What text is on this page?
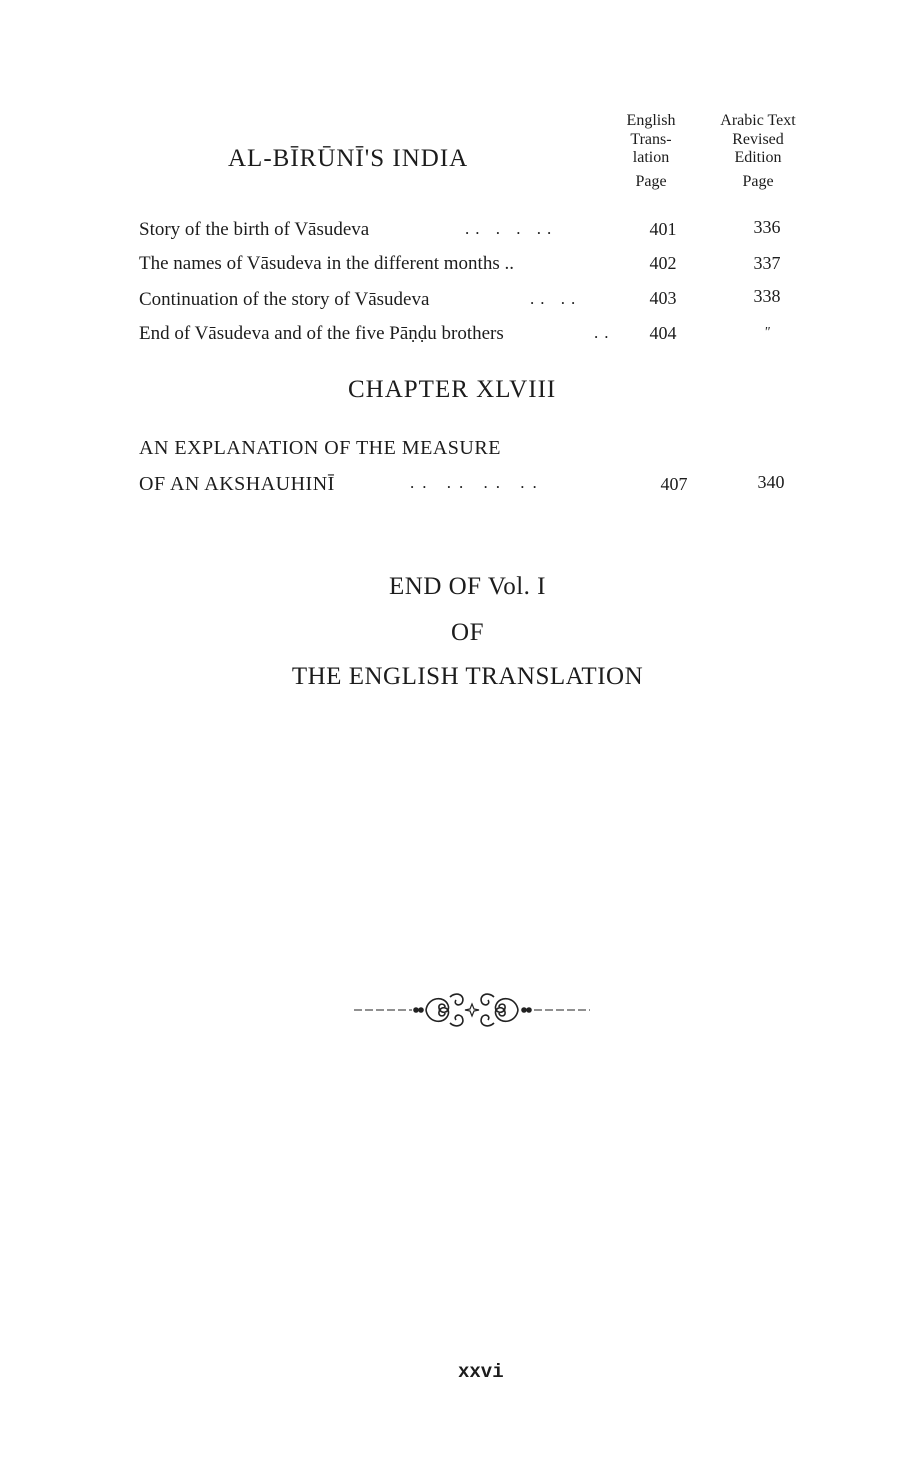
English
Trans-
lation
Page
Arabic Text
Revised
Edition
Page
AL-BĪRŪNĪ'S INDIA
Story of the birth of Vāsudeva	.. . . ..	401	336
The names of Vāsudeva in the different months ..	402	337
Continuation of the story of Vāsudeva	.. ..	403	338
End of Vāsudeva and of the five Pāṇḍu brothers	..	404	"
CHAPTER XLVIII
AN EXPLANATION OF THE MEASURE
OF AN AKSHAUHINĪ	.. .. .. ..	407	340
END OF Vol. I
OF
THE ENGLISH TRANSLATION
xxvi
